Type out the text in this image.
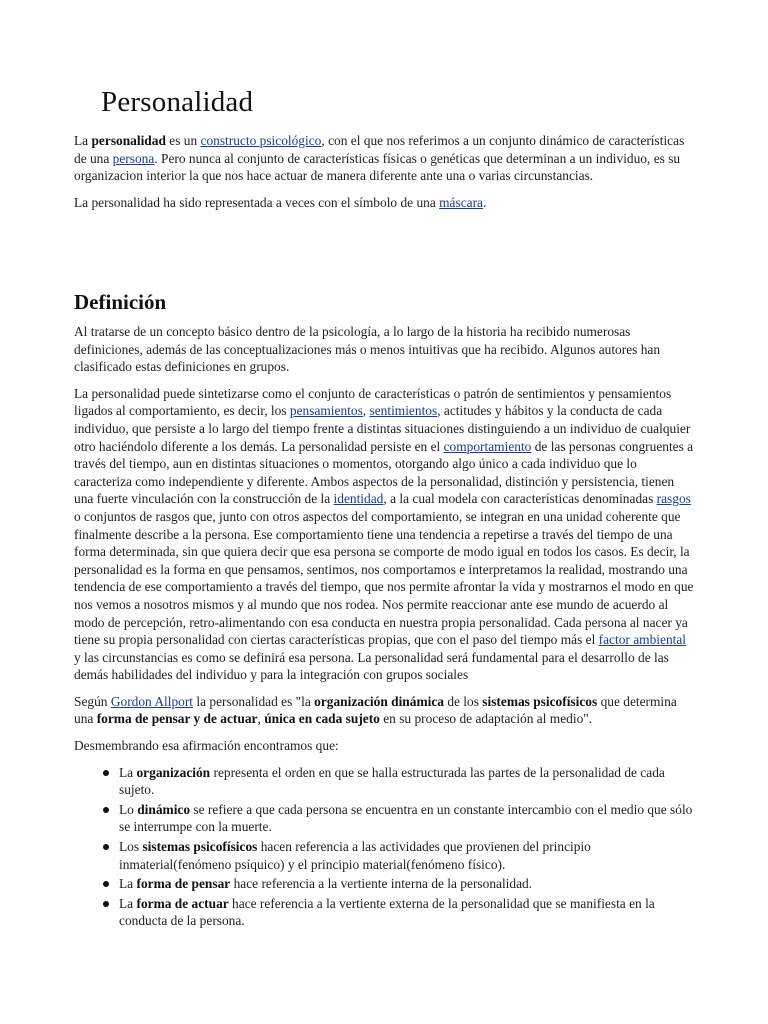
Personalidad

La personalidad es un constructo psicológico, con el que nos referimos a un conjunto dinámico de características de una persona. Pero nunca al conjunto de características físicas o genéticas que determinan a un individuo, es su organizacion interior la que nos hace actuar de manera diferente ante una o varias circunstancias.

La personalidad ha sido representada a veces con el símbolo de una máscara.

Definición

Al tratarse de un concepto básico dentro de la psicología, a lo largo de la historia ha recibido numerosas definiciones, además de las conceptualizaciones más o menos intuitivas que ha recibido. Algunos autores han clasificado estas definiciones en grupos.

La personalidad puede sintetizarse como el conjunto de características o patrón de sentimientos y pensamientos ligados al comportamiento, es decir, los pensamientos, sentimientos, actitudes y hábitos y la conducta de cada individuo, que persiste a lo largo del tiempo frente a distintas situaciones distinguiendo a un individuo de cualquier otro haciéndolo diferente a los demás. La personalidad persiste en el comportamiento de las personas congruentes a través del tiempo, aun en distintas situaciones o momentos, otorgando algo único a cada individuo que lo caracteriza como independiente y diferente. Ambos aspectos de la personalidad, distinción y persistencia, tienen una fuerte vinculación con la construcción de la identidad, a la cual modela con características denominadas rasgos o conjuntos de rasgos que, junto con otros aspectos del comportamiento, se integran en una unidad coherente que finalmente describe a la persona. Ese comportamiento tiene una tendencia a repetirse a través del tiempo de una forma determinada, sin que quiera decir que esa persona se comporte de modo igual en todos los casos. Es decir, la personalidad es la forma en que pensamos, sentimos, nos comportamos e interpretamos la realidad, mostrando una tendencia de ese comportamiento a través del tiempo, que nos permite afrontar la vida y mostrarnos el modo en que nos vemos a nosotros mismos y al mundo que nos rodea. Nos permite reaccionar ante ese mundo de acuerdo al modo de percepción, retro-alimentando con esa conducta en nuestra propia personalidad. Cada persona al nacer ya tiene su propia personalidad con ciertas características propias, que con el paso del tiempo más el factor ambiental y las circunstancias es como se definirá esa persona. La personalidad será fundamental para el desarrollo de las demás habilidades del individuo y para la integración con grupos sociales

Según Gordon Allport la personalidad es "la organización dinámica de los sistemas psicofísicos que determina una forma de pensar y de actuar, única en cada sujeto en su proceso de adaptación al medio".

Desmembrando esa afirmación encontramos que:

La organización representa el orden en que se halla estructurada las partes de la personalidad de cada sujeto.
Lo dinámico se refiere a que cada persona se encuentra en un constante intercambio con el medio que sólo se interrumpe con la muerte.
Los sistemas psicofísicos hacen referencia a las actividades que provienen del principio inmaterial(fenómeno psíquico) y el principio material(fenómeno físico).
La forma de pensar hace referencia a la vertiente interna de la personalidad.
La forma de actuar hace referencia a la vertiente externa de la personalidad que se manifiesta en la conducta de la persona.
